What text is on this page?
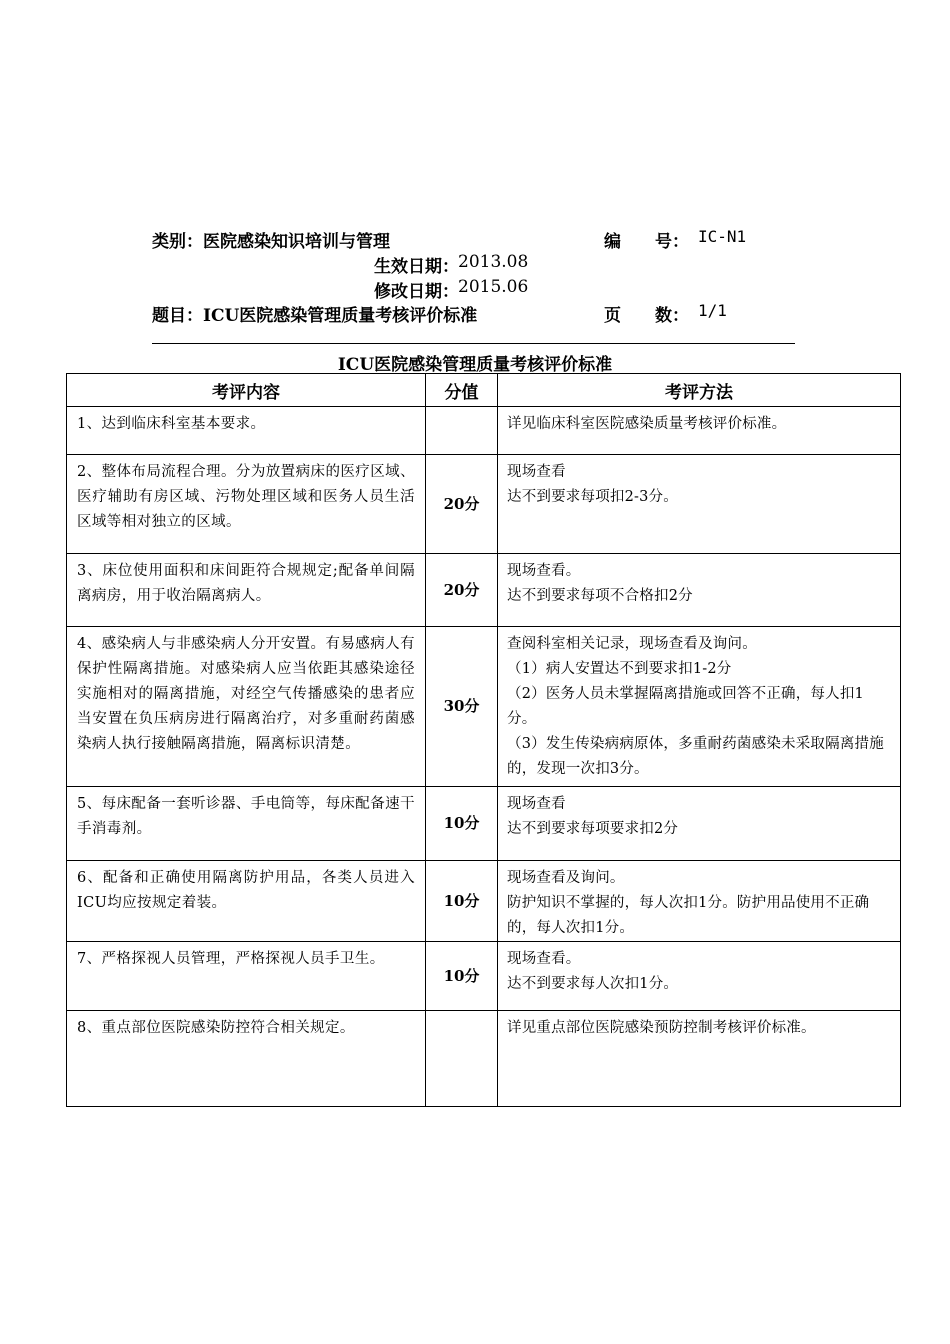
类别：医院感染知识培训与管理	编　　号： IC-N1
生效日期： 2013.08
修改日期： 2015.06
题目：ICU医院感染管理质量考核评价标准	页　　数： 1/1
ICU医院感染管理质量考核评价标准
考评内容	分值	考评方法
1、达到临床科室基本要求。		详见临床科室医院感染质量考核评价标准。

2、整体布局流程合理。分为放置病床的医疗区域、医疗辅助有房区域、污物处理区域和医务人员生活区域等相对独立的区域。	20分	现场查看
达不到要求每项扣2-3分。

3、床位使用面积和床间距符合规规定;配备单间隔离病房，用于收治隔离病人。	20分	现场查看。
达不到要求每项不合格扣2分

4、感染病人与非感染病人分开安置。有易感病人有保护性隔离措施。对感染病人应当依距其感染途径实施相对的隔离措施，对经空气传播感染的患者应当安置在负压病房进行隔离治疗，对多重耐药菌感染病人执行接触隔离措施，隔离标识清楚。	30分	查阅科室相关记录，现场查看及询问。
（1）病人安置达不到要求扣1-2分
（2）医务人员未掌握隔离措施或回答不正确，每人扣1分。
（3）发生传染病病原体，多重耐药菌感染未采取隔离措施的，发现一次扣3分。

5、每床配备一套听诊器、手电筒等，每床配备速干手消毒剂。	10分	现场查看
达不到要求每项要求扣2分

6、配备和正确使用隔离防护用品，各类人员进入ICU均应按规定着装。	10分	现场查看及询问。
防护知识不掌握的，每人次扣1分。防护用品使用不正确的，每人次扣1分。

7、严格探视人员管理，严格探视人员手卫生。	10分	现场查看。
达不到要求每人次扣1分。

8、重点部位医院感染防控符合相关规定。		详见重点部位医院感染预防控制考核评价标准。
